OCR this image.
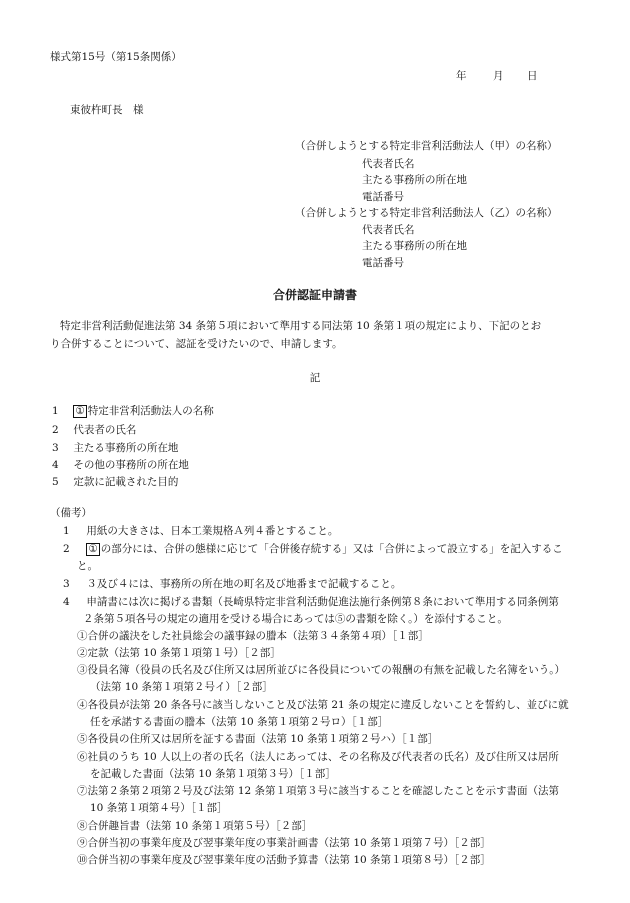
様式第15号（第15条関係）
年	月 日
東彼杵町長　様
（合併しようとする特定非営利活動法人（甲）の名称）
代表者氏名
主たる事務所の所在地
電話番号
（合併しようとする特定非営利活動法人（乙）の名称）
代表者氏名
主たる事務所の所在地
電話番号
合併認証申請書
特定非営利活動促進法第 34 条第５項において準用する同法第 10 条第１項の規定により、下記のとお
り合併することについて、認証を受けたいので、申請します。
記
1 ① 特定非営利活動法人の名称
2 代表者の氏名
3 主たる事務所の所在地
4 その他の事務所の所在地
5 定款に記載された目的
（備考）
1 用紙の大きさは、日本工業規格Ａ列４番とすること。
2 ① の部分には、合併の態様に応じて「合併後存続する」又は「合併によって設立する」を記入するこ
と。
3 ３及び４には、事務所の所在地の町名及び地番まで記載すること。
4 申請書には次に掲げる書類（長崎県特定非営利活動促進法施行条例第８条において準用する同条例第
２条第５項各号の規定の適用を受ける場合にあっては⑤の書類を除く。）を添付すること。
①合併の議決をした社員総会の議事録の謄本（法第３４条第４項）［１部］
②定款（法第 10 条第１項第１号）［２部］
③役員名簿（役員の氏名及び住所又は居所並びに各役員についての報酬の有無を記載した名簿をいう。）
（法第 10 条第１項第２号イ）［２部］
④各役員が法第 20 条各号に該当しないこと及び法第 21 条の規定に違反しないことを誓約し、並びに就
任を承諾する書面の謄本（法第 10 条第１項第２号ロ）［１部］
⑤各役員の住所又は居所を証する書面（法第 10 条第１項第２号ハ）［１部］
⑥社員のうち 10 人以上の者の氏名（法人にあっては、その名称及び代表者の氏名）及び住所又は居所
を記載した書面（法第 10 条第１項第３号）［１部］
⑦法第２条第２項第２号及び法第 12 条第１項第３号に該当することを確認したことを示す書面（法第
10 条第１項第４号）［１部］
⑧合併趣旨書（法第 10 条第１項第５号）［２部］
⑨合併当初の事業年度及び翌事業年度の事業計画書（法第 10 条第１項第７号）［２部］
⑩合併当初の事業年度及び翌事業年度の活動予算書（法第 10 条第１項第８号）［２部］
